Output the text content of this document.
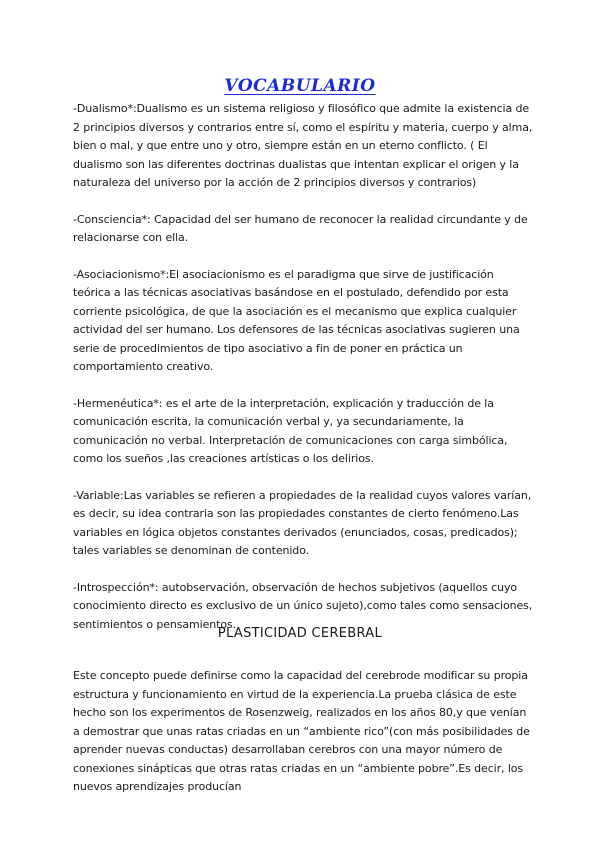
VOCABULARIO

-Dualismo*:Dualismo es un sistema religioso y filosófico que admite la existencia de 2 principios diversos y contrarios entre sí, como el espíritu y materia, cuerpo y alma, bien o mal, y que entre uno y otro, siempre están en un eterno conflicto. ( El dualismo son las diferentes doctrinas dualistas que intentan explicar el origen y la naturaleza del universo por la acción de 2 principios diversos y contrarios)

-Consciencia*: Capacidad del ser humano de reconocer la realidad circundante y de relacionarse con ella.

-Asociacionismo*:El asociacionismo es el paradigma que sirve de justificación teórica a las técnicas asociativas basándose en el postulado, defendido por esta corriente psicológica, de que la asociación es el mecanismo que explica cualquier actividad del ser humano. Los defensores de las técnicas asociativas sugieren una serie de procedimientos de tipo asociativo a fin de poner en práctica un comportamiento creativo.

-Hermenéutica*: es el arte de la interpretación, explicación y traducción de la comunicación escrita, la comunicación verbal y, ya secundariamente, la comunicación no verbal. Interpretación de comunicaciones con carga simbólica, como los sueños ,las creaciones artísticas o los delirios.

-Variable:Las variables se refieren a propiedades de la realidad cuyos valores varían, es decir, su idea contraria son las propiedades constantes de cierto fenómeno.Las variables en lógica objetos constantes derivados (enunciados, cosas, predicados); tales variables se denominan de contenido.

-Introspección*: autobservación, observación de hechos subjetivos (aquellos cuyo conocimiento directo es exclusivo de un único sujeto),como tales como sensaciones, sentimientos o pensamientos.

PLASTICIDAD CEREBRAL

Este concepto puede definirse como la capacidad del cerebrode modificar su propia estructura y funcionamiento en virtud de la experiencia.La prueba clásica de este hecho son los experimentos de Rosenzweig, realizados en los años 80,y que venían a demostrar que unas ratas criadas en un “ambiente rico”(con más posibilidades de aprender nuevas conductas) desarrollaban cerebros con una mayor número de conexiones sinápticas que otras ratas criadas en un “ambiente pobre”.Es decir, los nuevos aprendizajes producían
